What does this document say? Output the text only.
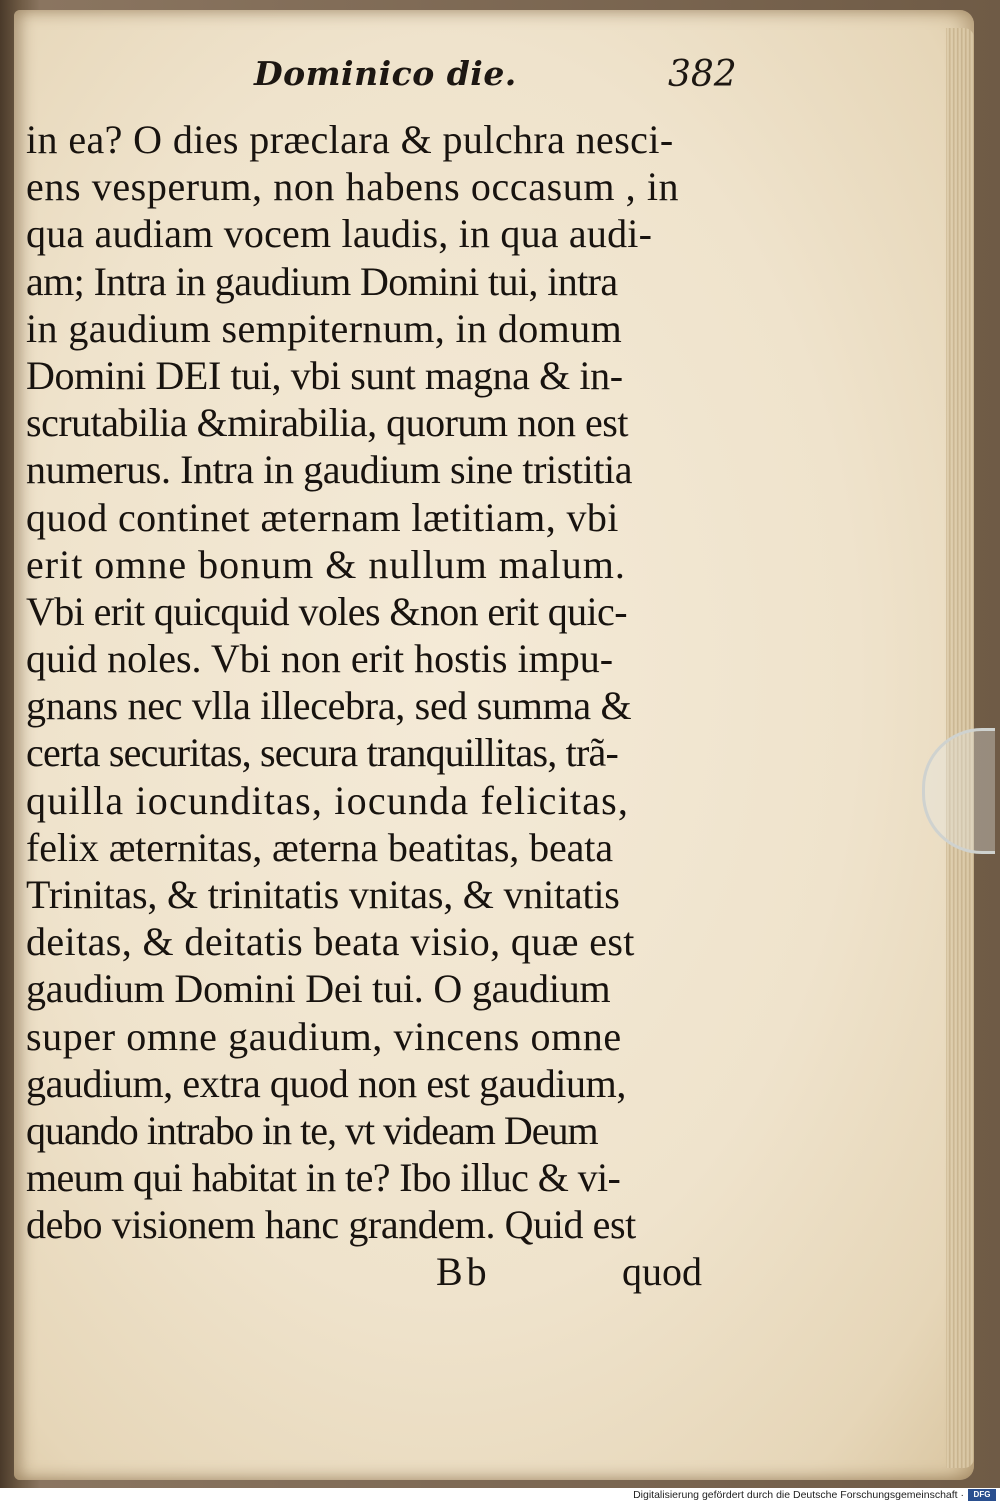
Dominico die.	382
in ea? O dies præclara & pulchra nesci-
ens vesperum, non habens occasum , in
qua audiam vocem laudis, in qua audi-
am; Intra in gaudium Domini tui, intra
in gaudium sempiternum, in domum
Domini DEI tui, vbi sunt magna & in-
scrutabilia &mirabilia, quorum non est
numerus. Intra in gaudium sine tristitia
quod continet æternam lætitiam, vbi
erit omne bonum & nullum malum.
Vbi erit quicquid voles &non erit quic-
quid noles. Vbi non erit hostis impu-
gnans nec vlla illecebra, sed summa &
certa securitas, secura tranquillitas, trã-
quilla iocunditas, iocunda felicitas,
felix æternitas, æterna beatitas, beata
Trinitas, & trinitatis vnitas, & vnitatis
deitas, & deitatis beata visio, quæ est
gaudium Domini Dei tui. O gaudium
super omne gaudium, vincens omne
gaudium, extra quod non est gaudium,
quando intrabo in te, vt videam Deum
meum qui habitat in te? Ibo illuc & vi-
debo visionem hanc grandem. Quid est
Bb	quod
Digitalisierung gefördert durch die Deutsche Forschungsgemeinschaft ·	DFG
